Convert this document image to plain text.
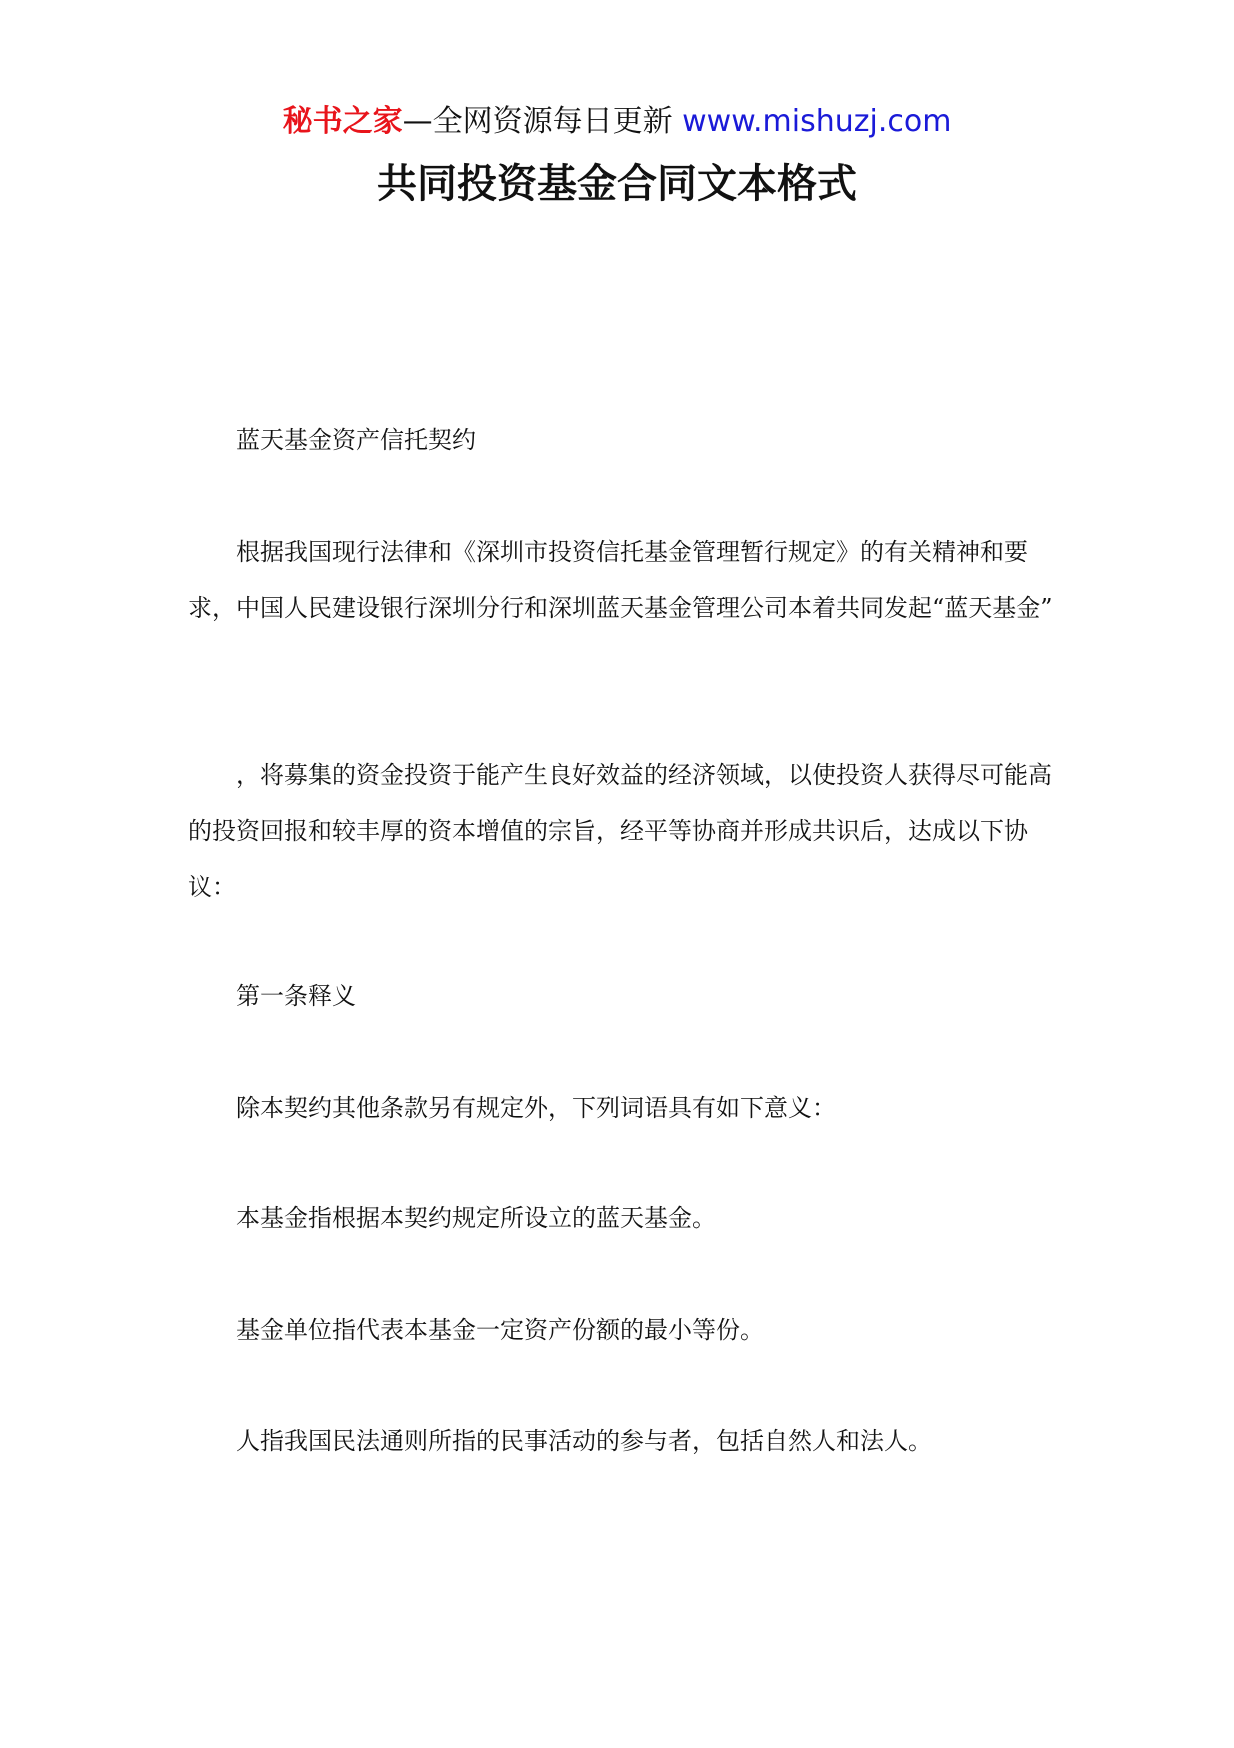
秘书之家—全网资源每日更新 www.mishuzj.com
共同投资基金合同文本格式

蓝天基金资产信托契约

根据我国现行法律和《深圳市投资信托基金管理暂行规定》的有关精神和要求，中国人民建设银行深圳分行和深圳蓝天基金管理公司本着共同发起“蓝天基金”

，将募集的资金投资于能产生良好效益的经济领域，以使投资人获得尽可能高的投资回报和较丰厚的资本增值的宗旨，经平等协商并形成共识后，达成以下协议：

第一条释义

除本契约其他条款另有规定外，下列词语具有如下意义：

本基金指根据本契约规定所设立的蓝天基金。

基金单位指代表本基金一定资产份额的最小等份。

人指我国民法通则所指的民事活动的参与者，包括自然人和法人。
